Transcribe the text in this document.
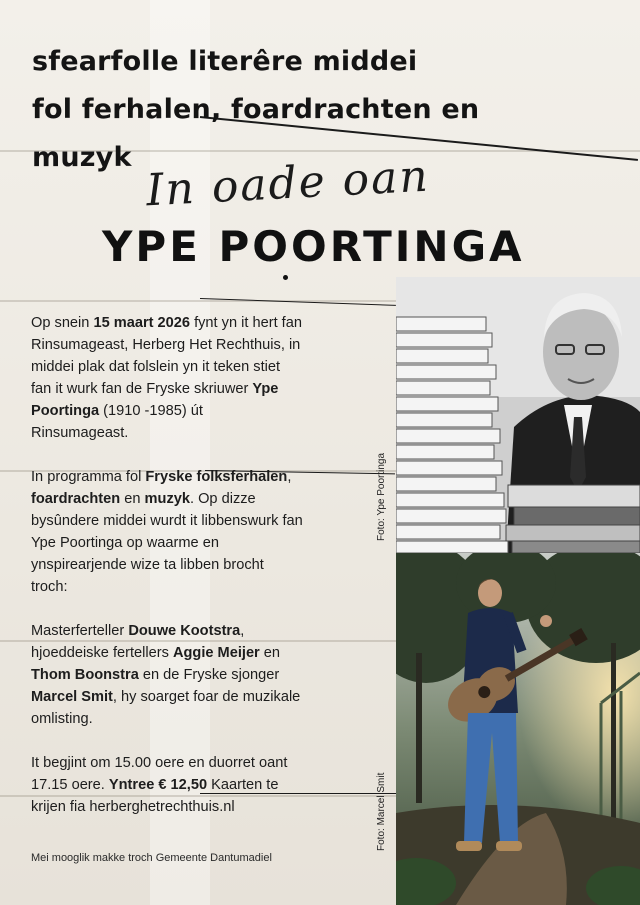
sfearfolle literêre middei
fol ferhalen, foardrachten en
muzyk In oade oan
YPE POORTINGA

Op snein 15 maart 2026 fynt yn it hert fan Rinsumageast, Herberg Het Rechthuis, in middei plak dat folslein yn it teken stiet fan it wurk fan de Fryske skriuwer Ype Poortinga (1910 -1985) út Rinsumageast.

In programma fol Fryske folksferhalen, foardrachten en muzyk. Op dizze bysûndere middei wurdt it libbenswurk fan Ype Poortinga op waarme en ynspirearjende wize ta libben brocht troch:

Masterferteller Douwe Kootstra, hjoeddeiske fertellers Aggie Meijer en Thom Boonstra en de Fryske sjonger Marcel Smit, hy soarget foar de muzikale omlisting.

It begjint om 15.00 oere en duorret oant 17.15 oere. Yntree € 12,50 Kaarten te krijen fia herberghetrechthuis.nl

Mei mooglik makke troch Gemeente Dantumadiel
Foto: Ype Poortinga
Foto: Marcel Smit
